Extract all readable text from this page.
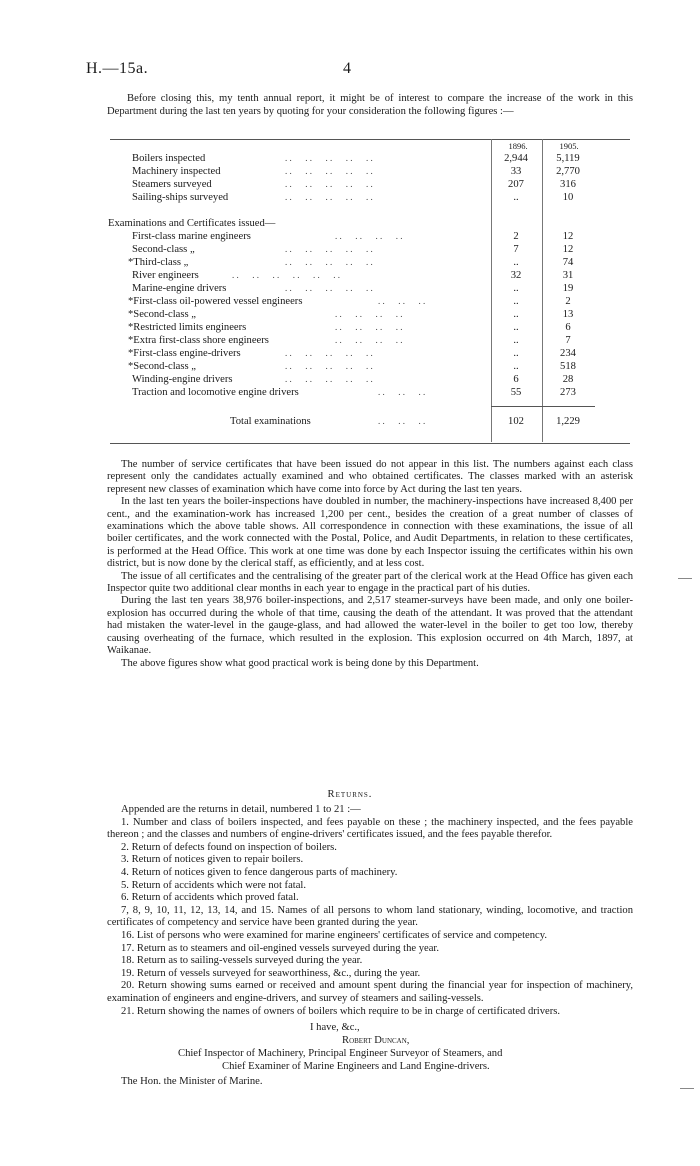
H.—15a.	4
Before closing this, my tenth annual report, it might be of interest to compare the increase of the work in this Department during the last ten years by quoting for your consideration the following figures :—
1896.	1905.
Boilers inspected	. .      . .      . .      . .      . .	2,944	5,119
Machinery inspected	. .      . .      . .      . .      . .	33	2,770
Steamers surveyed	. .      . .      . .      . .      . .	207	316
Sailing-ships surveyed	. .      . .      . .      . .      . .	..	10
Examinations and Certificates issued—
First-class marine engineers	. .      . .      . .      . .	2	12
Second-class „	. .      . .      . .      . .      . .	7	12
*Third-class „	. .      . .      . .      . .      . .	..	74
River engineers	. .      . .      . .      . .      . .      . .	32	31
Marine-engine drivers	. .      . .      . .      . .      . .	..	19
*First-class oil-powered vessel engineers	. .      . .      . .	..	2
*Second-class „	. .      . .      . .      . .	..	13
*Restricted limits engineers	. .      . .      . .      . .	..	6
*Extra first-class shore engineers	. .      . .      . .      . .	..	7
*First-class engine-drivers	. .      . .      . .      . .      . .	..	234
*Second-class „	. .      . .      . .      . .      . .	..	518
Winding-engine drivers	. .      . .      . .      . .      . .	6	28
Traction and locomotive engine drivers	. .      . .      . .	55	273
Total examinations	. .      . .      . .	102	1,229

The number of service certificates that have been issued do not appear in this list. The numbers against each class represent only the candidates actually examined and who obtained certificates. The classes marked with an asterisk represent new classes of examination which have come into force by Act during the last ten years.

In the last ten years the boiler-inspections have doubled in number, the machinery-inspections have increased 8,400 per cent., and the examination-work has increased 1,200 per cent., besides the creation of a great number of classes of examinations which the above table shows. All correspondence in connection with these examinations, the issue of all boiler certificates, and the work connected with the Postal, Police, and Audit Departments, in relation to these certificates, is performed at the Head Office. This work at one time was done by each Inspector issuing the certificates within his own district, but is now done by the clerical staff, as efficiently, and at less cost.

The issue of all certificates and the centralising of the greater part of the clerical work at the Head Office has given each Inspector quite two additional clear months in each year to engage in the practical part of his duties.

During the last ten years 38,976 boiler-inspections, and 2,517 steamer-surveys have been made, and only one boiler-explosion has occurred during the whole of that time, causing the death of the attendant. It was proved that the attendant had mistaken the water-level in the gauge-glass, and had allowed the water-level in the boiler to get too low, thereby causing overheating of the furnace, which resulted in the explosion. This explosion occurred on 4th March, 1897, at Waikanae.

The above figures show what good practical work is being done by this Department.

Returns.

Appended are the returns in detail, numbered 1 to 21 :—

1. Number and class of boilers inspected, and fees payable on these ; the machinery inspected, and the fees payable thereon ; and the classes and numbers of engine-drivers' certificates issued, and the fees payable therefor.

2. Return of defects found on inspection of boilers.

3. Return of notices given to repair boilers.

4. Return of notices given to fence dangerous parts of machinery.

5. Return of accidents which were not fatal.

6. Return of accidents which proved fatal.

7, 8, 9, 10, 11, 12, 13, 14, and 15. Names of all persons to whom land stationary, winding, locomotive, and traction certificates of competency and service have been granted during the year.

16. List of persons who were examined for marine engineers' certificates of service and competency.

17. Return as to steamers and oil-engined vessels surveyed during the year.

18. Return as to sailing-vessels surveyed during the year.

19. Return of vessels surveyed for seaworthiness, &c., during the year.

20. Return showing sums earned or received and amount spent during the financial year for inspection of machinery, examination of engineers and engine-drivers, and survey of steamers and sailing-vessels.

21. Return showing the names of owners of boilers which require to be in charge of certificated drivers.

I have, &c.,
Robert Duncan,
Chief Inspector of Machinery, Principal Engineer Surveyor of Steamers, and
Chief Examiner of Marine Engineers and Land Engine-drivers.
The Hon. the Minister of Marine.
